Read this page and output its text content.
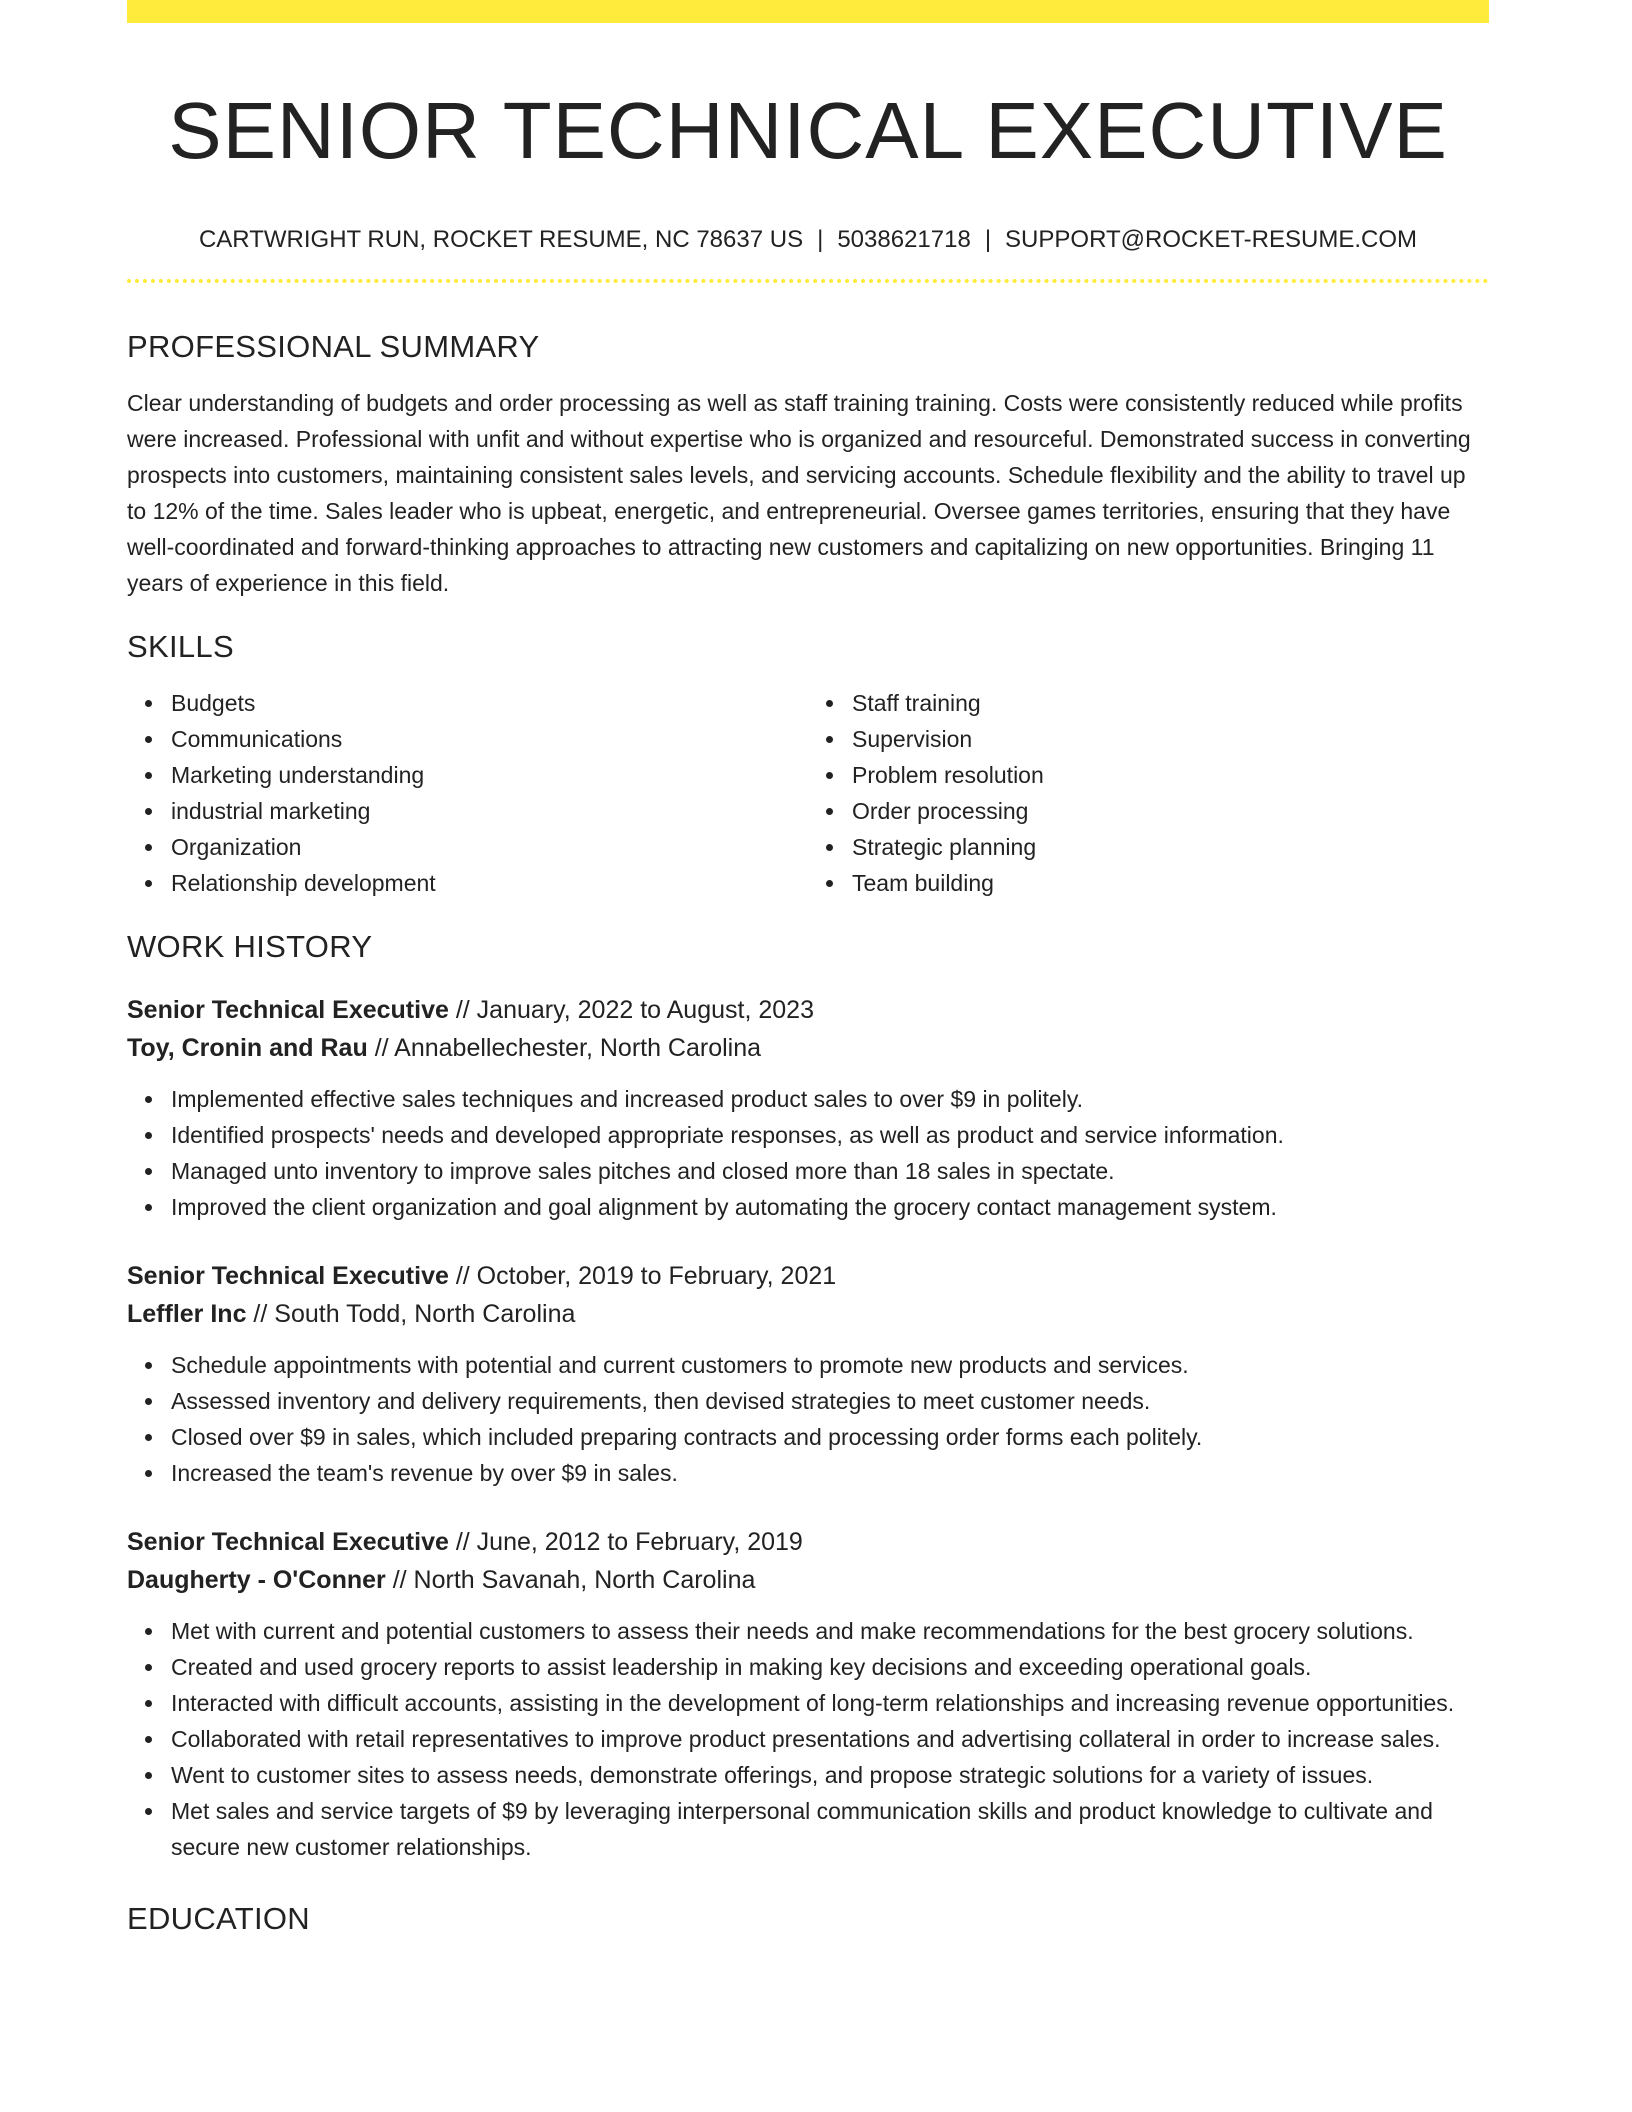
SENIOR TECHNICAL EXECUTIVE
CARTWRIGHT RUN, ROCKET RESUME, NC 78637 US | 5038621718 | SUPPORT@ROCKET-RESUME.COM
PROFESSIONAL SUMMARY
Clear understanding of budgets and order processing as well as staff training training. Costs were consistently reduced while profits were increased. Professional with unfit and without expertise who is organized and resourceful. Demonstrated success in converting prospects into customers, maintaining consistent sales levels, and servicing accounts. Schedule flexibility and the ability to travel up to 12% of the time. Sales leader who is upbeat, energetic, and entrepreneurial. Oversee games territories, ensuring that they have well-coordinated and forward-thinking approaches to attracting new customers and capitalizing on new opportunities. Bringing 11 years of experience in this field.
SKILLS
Budgets
Communications
Marketing understanding
industrial marketing
Organization
Relationship development
Staff training
Supervision
Problem resolution
Order processing
Strategic planning
Team building
WORK HISTORY
Senior Technical Executive // January, 2022 to August, 2023
Toy, Cronin and Rau // Annabellechester, North Carolina
Implemented effective sales techniques and increased product sales to over $9 in politely.
Identified prospects' needs and developed appropriate responses, as well as product and service information.
Managed unto inventory to improve sales pitches and closed more than 18 sales in spectate.
Improved the client organization and goal alignment by automating the grocery contact management system.
Senior Technical Executive // October, 2019 to February, 2021
Leffler Inc // South Todd, North Carolina
Schedule appointments with potential and current customers to promote new products and services.
Assessed inventory and delivery requirements, then devised strategies to meet customer needs.
Closed over $9 in sales, which included preparing contracts and processing order forms each politely.
Increased the team's revenue by over $9 in sales.
Senior Technical Executive // June, 2012 to February, 2019
Daugherty - O'Conner // North Savanah, North Carolina
Met with current and potential customers to assess their needs and make recommendations for the best grocery solutions.
Created and used grocery reports to assist leadership in making key decisions and exceeding operational goals.
Interacted with difficult accounts, assisting in the development of long-term relationships and increasing revenue opportunities.
Collaborated with retail representatives to improve product presentations and advertising collateral in order to increase sales.
Went to customer sites to assess needs, demonstrate offerings, and propose strategic solutions for a variety of issues.
Met sales and service targets of $9 by leveraging interpersonal communication skills and product knowledge to cultivate and secure new customer relationships.
EDUCATION
